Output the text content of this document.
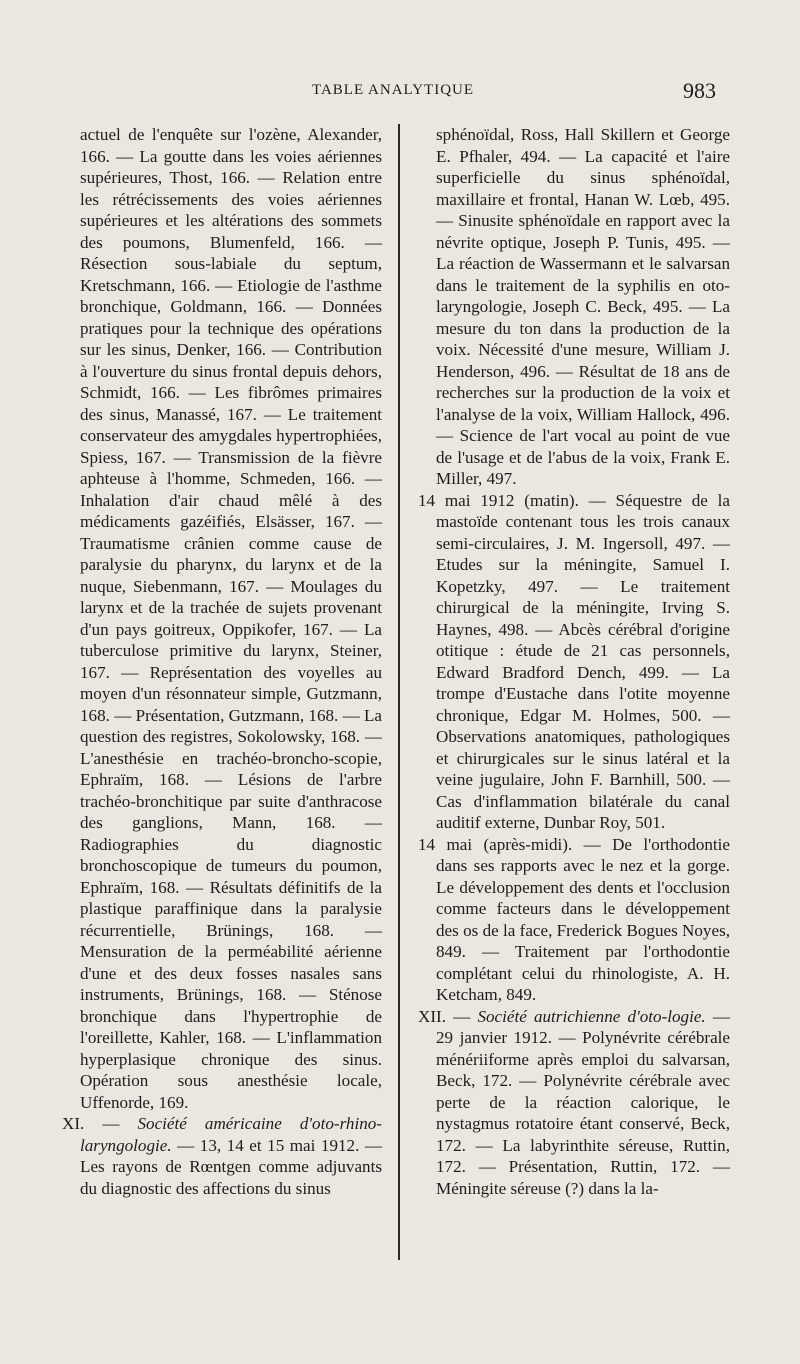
TABLE ANALYTIQUE	983

actuel de l'enquête sur l'ozène, Alexander, 166. — La goutte dans les voies aériennes supérieures, Thost, 166. — Relation entre les rétrécissements des voies aériennes supérieures et les altérations des sommets des poumons, Blumenfeld, 166. — Résection sous-labiale du septum, Kretschmann, 166. — Etiologie de l'asthme bronchique, Goldmann, 166. — Données pratiques pour la technique des opérations sur les sinus, Denker, 166. — Contribution à l'ouverture du sinus frontal depuis dehors, Schmidt, 166. — Les fibrômes primaires des sinus, Manassé, 167. — Le traitement conservateur des amygdales hypertrophiées, Spiess, 167. — Transmission de la fièvre aphteuse à l'homme, Schmeden, 166. — Inhalation d'air chaud mêlé à des médicaments gazéifiés, Elsässer, 167. — Traumatisme crânien comme cause de paralysie du pharynx, du larynx et de la nuque, Siebenmann, 167. — Moulages du larynx et de la trachée de sujets provenant d'un pays goitreux, Oppikofer, 167. — La tuberculose primitive du larynx, Steiner, 167. — Représentation des voyelles au moyen d'un résonnateur simple, Gutzmann, 168. — Présentation, Gutzmann, 168. — La question des registres, Sokolowsky, 168. — L'anesthésie en trachéo-broncho-scopie, Ephraïm, 168. — Lésions de l'arbre trachéo-bronchitique par suite d'anthracose des ganglions, Mann, 168. — Radiographies du diagnostic bronchoscopique de tumeurs du poumon, Ephraïm, 168. — Résultats définitifs de la plastique paraffinique dans la paralysie récurrentielle, Brünings, 168. — Mensuration de la perméabilité aérienne d'une et des deux fosses nasales sans instruments, Brünings, 168. — Sténose bronchique dans l'hypertrophie de l'oreillette, Kahler, 168. — L'inflammation hyperplasique chronique des sinus. Opération sous anesthésie locale, Uffenorde, 169.

XI. — Société américaine d'oto-rhino-laryngologie. — 13, 14 et 15 mai 1912. — Les rayons de Rœntgen comme adjuvants du diagnostic des affections du sinus

sphénoïdal, Ross, Hall Skillern et George E. Pfhaler, 494. — La capacité et l'aire superficielle du sinus sphénoïdal, maxillaire et frontal, Hanan W. Lœb, 495. — Sinusite sphénoïdale en rapport avec la névrite optique, Joseph P. Tunis, 495. — La réaction de Wassermann et le salvarsan dans le traitement de la syphilis en oto-laryngologie, Joseph C. Beck, 495. — La mesure du ton dans la production de la voix. Nécessité d'une mesure, William J. Henderson, 496. — Résultat de 18 ans de recherches sur la production de la voix et l'analyse de la voix, William Hallock, 496. — Science de l'art vocal au point de vue de l'usage et de l'abus de la voix, Frank E. Miller, 497.

14 mai 1912 (matin). — Séquestre de la mastoïde contenant tous les trois canaux semi-circulaires, J. M. Ingersoll, 497. — Etudes sur la méningite, Samuel I. Kopetzky, 497. — Le traitement chirurgical de la méningite, Irving S. Haynes, 498. — Abcès cérébral d'origine otitique : étude de 21 cas personnels, Edward Bradford Dench, 499. — La trompe d'Eustache dans l'otite moyenne chronique, Edgar M. Holmes, 500. — Observations anatomiques, pathologiques et chirurgicales sur le sinus latéral et la veine jugulaire, John F. Barnhill, 500. — Cas d'inflammation bilatérale du canal auditif externe, Dunbar Roy, 501.

14 mai (après-midi). — De l'orthodontie dans ses rapports avec le nez et la gorge. Le développement des dents et l'occlusion comme facteurs dans le développement des os de la face, Frederick Bogues Noyes, 849. — Traitement par l'orthodontie complétant celui du rhinologiste, A. H. Ketcham, 849.

XII. — Société autrichienne d'oto-logie. — 29 janvier 1912. — Polynévrite cérébrale ménériiforme après emploi du salvarsan, Beck, 172. — Polynévrite cérébrale avec perte de la réaction calorique, le nystagmus rotatoire étant conservé, Beck, 172. — La labyrinthite séreuse, Ruttin, 172. — Présentation, Ruttin, 172. — Méningite séreuse (?) dans la la-
